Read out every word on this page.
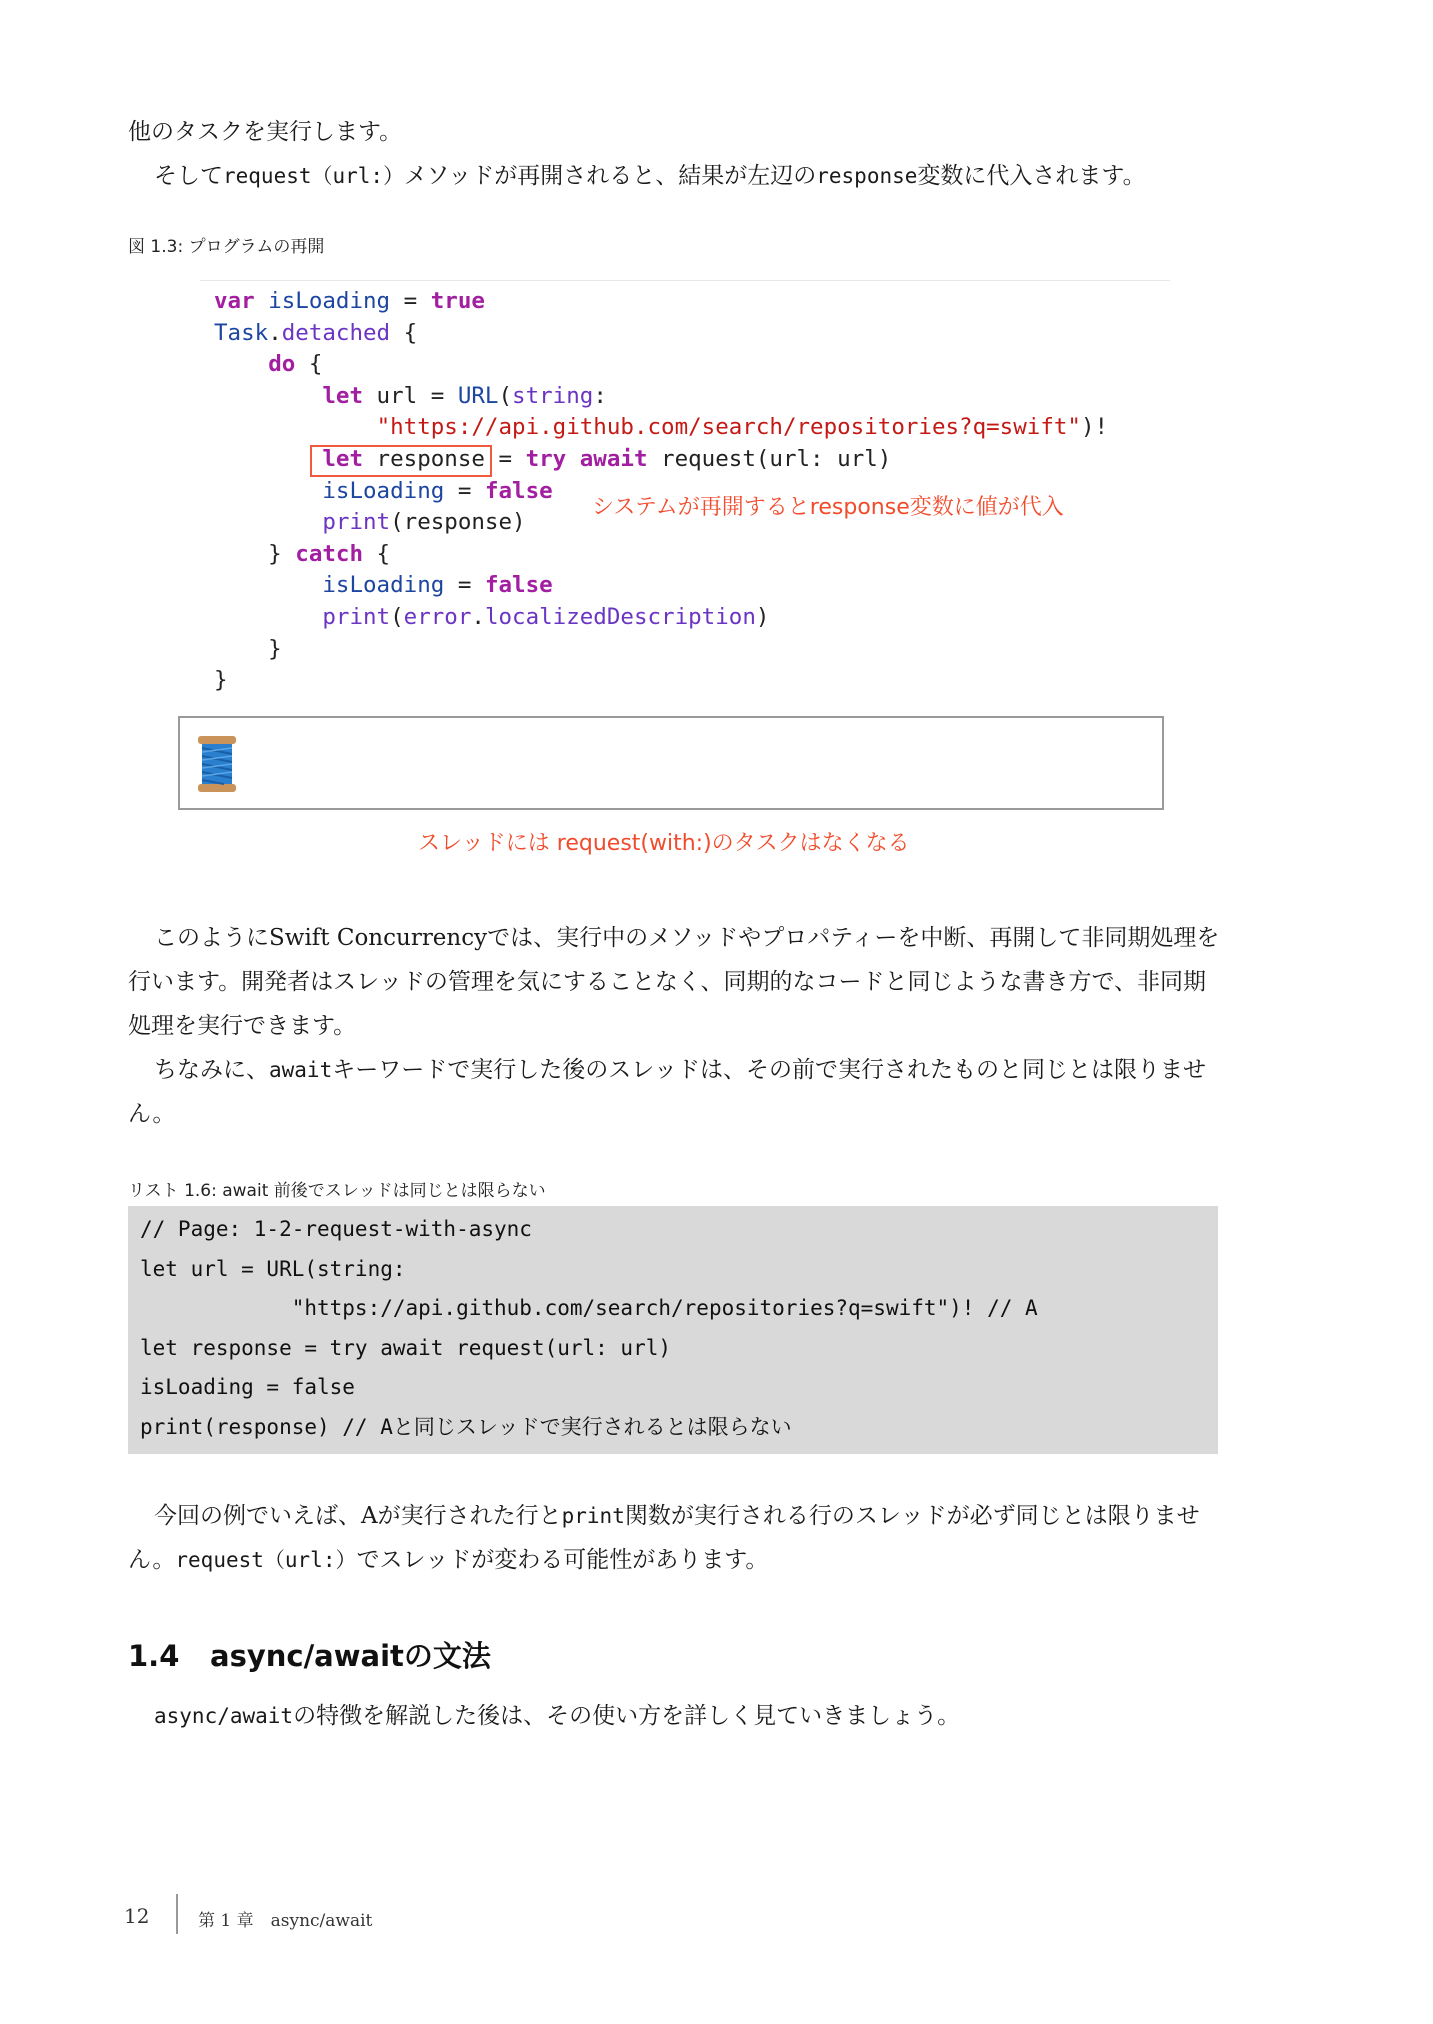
他のタスクを実行します。

そしてrequest（url:）メソッドが再開されると、結果が左辺のresponse変数に代入されます。

図 1.3: プログラムの再開
var isLoading = true
Task.detached {
do {
let url = URL(string:
"https://api.github.com/search/repositories?q=swift")!
let response = try await request(url: url)
isLoading = false
print(response)
} catch {
isLoading = false
print(error.localizedDescription)
}
}
システムが再開するとresponse変数に値が代入
スレッドには request(with:)のタスクはなくなる

このようにSwift Concurrencyでは、実行中のメソッドやプロパティーを中断、再開して非同期処理を行います。開発者はスレッドの管理を気にすることなく、同期的なコードと同じような書き方で、非同期処理を実行できます。

ちなみに、awaitキーワードで実行した後のスレッドは、その前で実行されたものと同じとは限りません。

リスト 1.6: await 前後でスレッドは同じとは限らない
// Page: 1-2-request-with-async
let url = URL(string:
"https://api.github.com/search/repositories?q=swift")! // A
let response = try await request(url: url)
isLoading = false
print(response) // Aと同じスレッドで実行されるとは限らない

今回の例でいえば、Aが実行された行とprint関数が実行される行のスレッドが必ず同じとは限りません。request（url:）でスレッドが変わる可能性があります。

1.4 async/awaitの文法

async/awaitの特徴を解説した後は、その使い方を詳しく見ていきましょう。

12	第 1 章　async/await
